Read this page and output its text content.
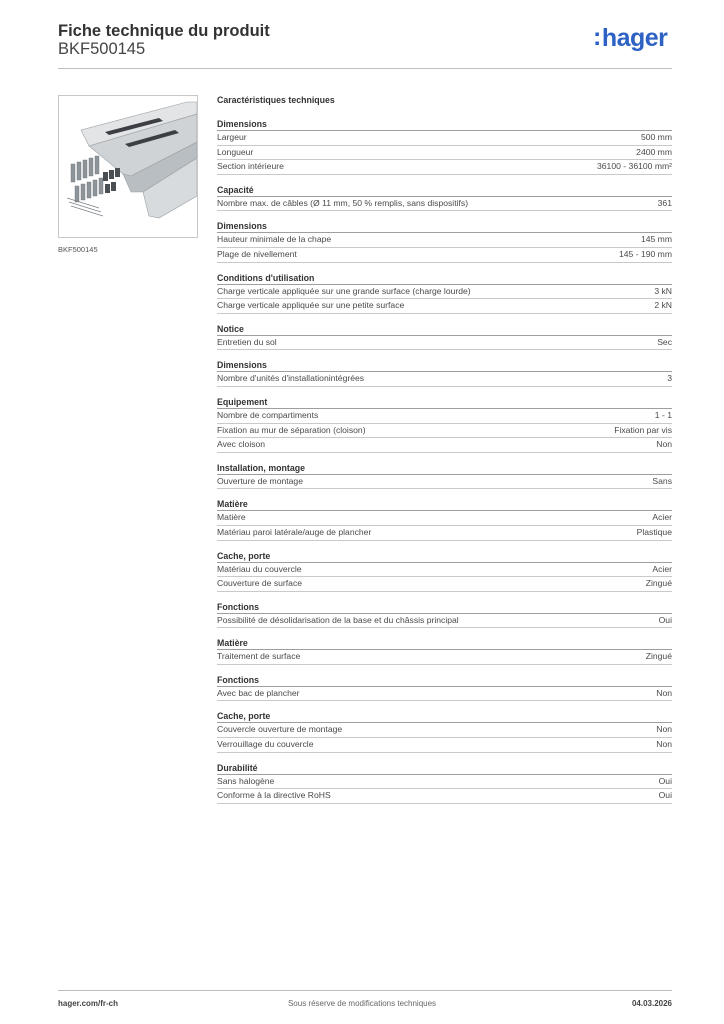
Fiche technique du produit
BKF500145	:hager
BKF500145
Caractéristiques techniques
Dimensions
Largeur	500 mm
Longueur	2400 mm
Section intérieure	36100 - 36100 mm²
Capacité
Nombre max. de câbles (Ø 11 mm, 50 % remplis, sans dispositifs)	361
Dimensions
Hauteur minimale de la chape	145 mm
Plage de nivellement	145 - 190 mm
Conditions d'utilisation
Charge verticale appliquée sur une grande surface (charge lourde)	3 kN
Charge verticale appliquée sur une petite surface	2 kN
Notice
Entretien du sol	Sec
Dimensions
Nombre d'unités d'installationintégrées	3
Equipement
Nombre de compartiments	1 - 1
Fixation au mur de séparation (cloison)	Fixation par vis
Avec cloison	Non
Installation, montage
Ouverture de montage	Sans
Matière
Matière	Acier
Matériau paroi latérale/auge de plancher	Plastique
Cache, porte
Matériau du couvercle	Acier
Couverture de surface	Zingué
Fonctions
Possibilité de désolidarisation de la base et du châssis principal	Oui
Matière
Traitement de surface	Zingué
Fonctions
Avec bac de plancher	Non
Cache, porte
Couvercle ouverture de montage	Non
Verrouillage du couvercle	Non
Durabilité
Sans halogène	Oui
Conforme à la directive RoHS	Oui
hager.com/fr-ch	Sous réserve de modifications techniques	04.03.2026
